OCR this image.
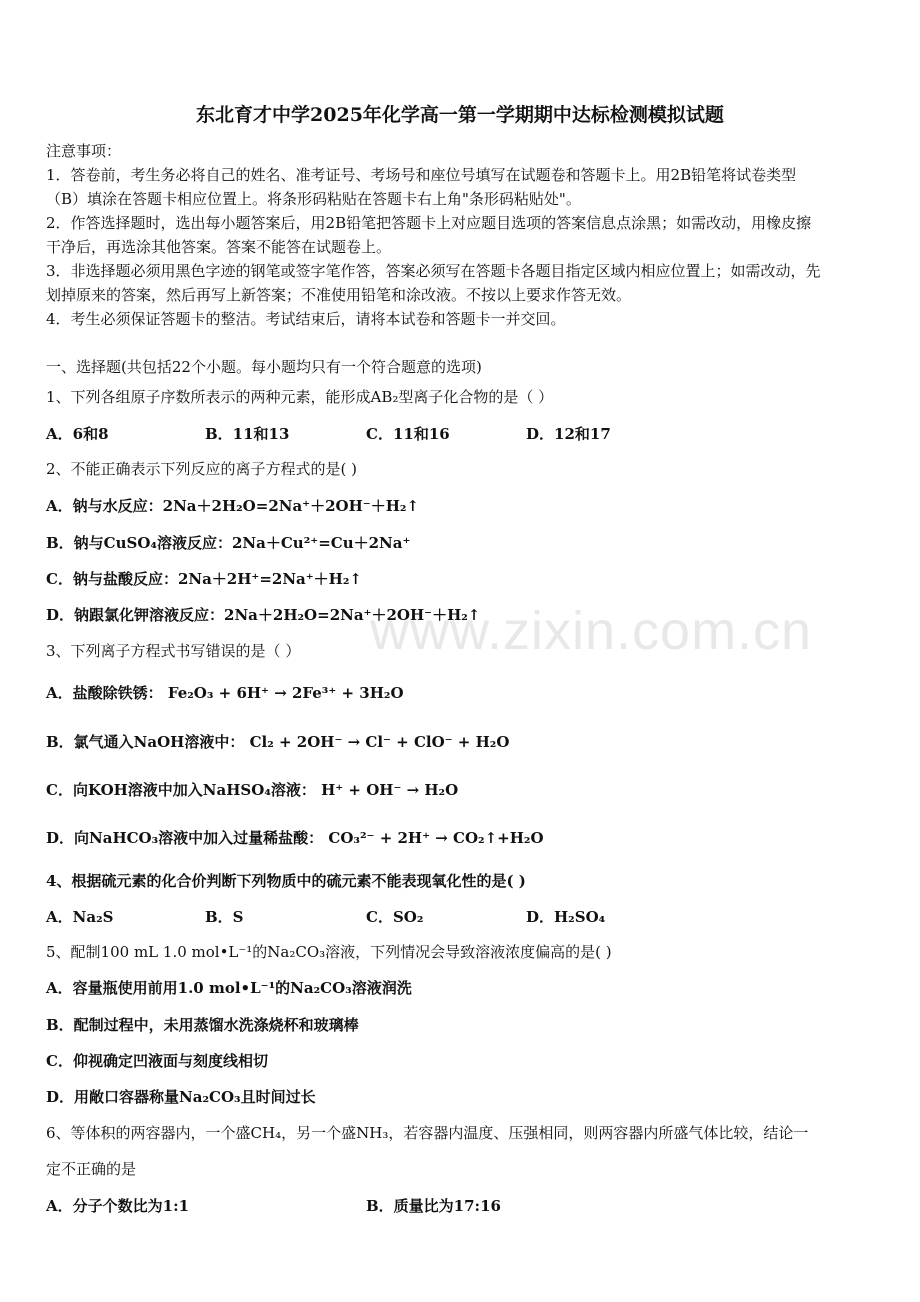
东北育才中学2025年化学高一第一学期期中达标检测模拟试题
注意事项：
1．答卷前，考生务必将自己的姓名、准考证号、考场号和座位号填写在试题卷和答题卡上。用2B铅笔将试卷类型
（B）填涂在答题卡相应位置上。将条形码粘贴在答题卡右上角"条形码粘贴处"。
2．作答选择题时，选出每小题答案后，用2B铅笔把答题卡上对应题目选项的答案信息点涂黑；如需改动，用橡皮擦
干净后，再选涂其他答案。答案不能答在试题卷上。
3．非选择题必须用黑色字迹的钢笔或签字笔作答，答案必须写在答题卡各题目指定区域内相应位置上；如需改动，先
划掉原来的答案，然后再写上新答案；不准使用铅笔和涂改液。不按以上要求作答无效。
4．考生必须保证答题卡的整洁。考试结束后，请将本试卷和答题卡一并交回。
一、选择题(共包括22个小题。每小题均只有一个符合题意的选项)
1、下列各组原子序数所表示的两种元素，能形成AB₂型离子化合物的是（ ）
A．6和8	B．11和13	C．11和16	D．12和17
2、不能正确表示下列反应的离子方程式的是( )
A．钠与水反应：2Na＋2H₂O=2Na⁺＋2OH⁻＋H₂↑
B．钠与CuSO₄溶液反应：2Na＋Cu²⁺=Cu＋2Na⁺
C．钠与盐酸反应：2Na＋2H⁺=2Na⁺＋H₂↑
D．钠跟氯化钾溶液反应：2Na＋2H₂O=2Na⁺＋2OH⁻＋H₂↑
3、下列离子方程式书写错误的是（ ）
A．盐酸除铁锈： Fe₂O₃ + 6H⁺ → 2Fe³⁺ + 3H₂O
B．氯气通入NaOH溶液中： Cl₂ + 2OH⁻ → Cl⁻ + ClO⁻ + H₂O
C．向KOH溶液中加入NaHSO₄溶液： H⁺ + OH⁻ → H₂O
D．向NaHCO₃溶液中加入过量稀盐酸： CO₃²⁻ + 2H⁺ → CO₂↑+H₂O
4、根据硫元素的化合价判断下列物质中的硫元素不能表现氧化性的是( )
A．Na₂S	B．S	C．SO₂	D．H₂SO₄
5、配制100 mL 1.0 mol•L⁻¹的Na₂CO₃溶液，下列情况会导致溶液浓度偏高的是( )
A．容量瓶使用前用1.0 mol•L⁻¹的Na₂CO₃溶液润洗
B．配制过程中，未用蒸馏水洗涤烧杯和玻璃棒
C．仰视确定凹液面与刻度线相切
D．用敞口容器称量Na₂CO₃且时间过长
6、等体积的两容器内，一个盛CH₄，另一个盛NH₃，若容器内温度、压强相同，则两容器内所盛气体比较，结论一
定不正确的是
A．分子个数比为1:1	B．质量比为17:16
www.zixin.com.cn
